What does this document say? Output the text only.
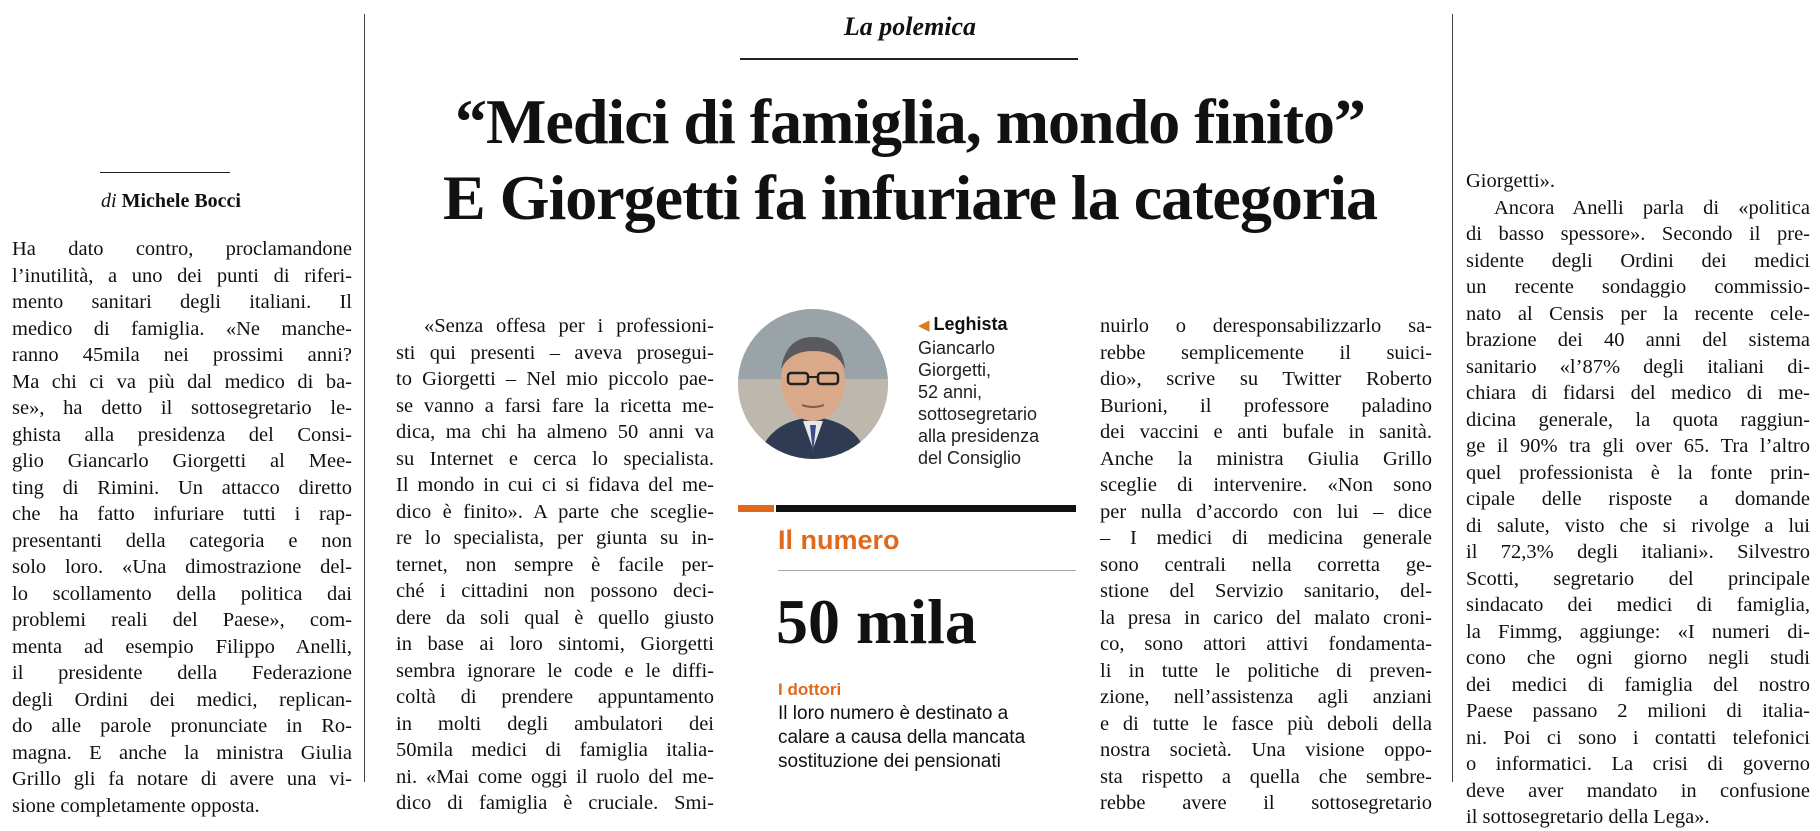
La polemica
“Medici di famiglia, mondo finito”
E Giorgetti fa infuriare la categoria
di Michele Bocci
Ha dato contro, proclamandone
l’inutilità, a uno dei punti di riferi-
mento sanitari degli italiani. Il
medico di famiglia. «Ne manche-
ranno 45mila nei prossimi anni?
Ma chi ci va più dal medico di ba-
se», ha detto il sottosegretario le-
ghista alla presidenza del Consi-
glio Giancarlo Giorgetti al Mee-
ting di Rimini. Un attacco diretto
che ha fatto infuriare tutti i rap-
presentanti della categoria e non
solo loro. «Una dimostrazione del-
lo scollamento della politica dai
problemi reali del Paese», com-
menta ad esempio Filippo Anelli,
il presidente della Federazione
degli Ordini dei medici, replican-
do alle parole pronunciate in Ro-
magna. E anche la ministra Giulia
Grillo gli fa notare di avere una vi-
sione completamente opposta.
«Senza offesa per i professioni-
sti qui presenti – aveva prosegui-
to Giorgetti – Nel mio piccolo pae-
se vanno a farsi fare la ricetta me-
dica, ma chi ha almeno 50 anni va
su Internet e cerca lo specialista.
Il mondo in cui ci si fidava del me-
dico è finito». A parte che sceglie-
re lo specialista, per giunta su in-
ternet, non sempre è facile per-
ché i cittadini non possono deci-
dere da soli qual è quello giusto
in base ai loro sintomi, Giorgetti
sembra ignorare le code e le diffi-
coltà di prendere appuntamento
in molti degli ambulatori dei
50mila medici di famiglia italia-
ni. «Mai come oggi il ruolo del me-
dico di famiglia è cruciale. Smi-
◀ Leghista
Giancarlo
Giorgetti,
52 anni,
sottosegretario
alla presidenza
del Consiglio
Il numero
50 mila
I dottori
Il loro numero è destinato a
calare a causa della mancata
sostituzione dei pensionati
nuirlo o deresponsabilizzarlo sa-
rebbe semplicemente il suici-
dio», scrive su Twitter Roberto
Burioni, il professore paladino
dei vaccini e anti bufale in sanità.
Anche la ministra Giulia Grillo
sceglie di intervenire. «Non sono
per nulla d’accordo con lui – dice
– I medici di medicina generale
sono centrali nella corretta ge-
stione del Servizio sanitario, del-
la presa in carico del malato croni-
co, sono attori attivi fondamenta-
li in tutte le politiche di preven-
zione, nell’assistenza agli anziani
e di tutte le fasce più deboli della
nostra società. Una visione oppo-
sta rispetto a quella che sembre-
rebbe avere il sottosegretario
Giorgetti».
Ancora Anelli parla di «politica
di basso spessore». Secondo il pre-
sidente degli Ordini dei medici
un recente sondaggio commissio-
nato al Censis per la recente cele-
brazione dei 40 anni del sistema
sanitario «l’87% degli italiani di-
chiara di fidarsi del medico di me-
dicina generale, la quota raggiun-
ge il 90% tra gli over 65. Tra l’altro
quel professionista è la fonte prin-
cipale delle risposte a domande
di salute, visto che si rivolge a lui
il 72,3% degli italiani». Silvestro
Scotti, segretario del principale
sindacato dei medici di famiglia,
la Fimmg, aggiunge: «I numeri di-
cono che ogni giorno negli studi
dei medici di famiglia del nostro
Paese passano 2 milioni di italia-
ni. Poi ci sono i contatti telefonici
o informatici. La crisi di governo
deve aver mandato in confusione
il sottosegretario della Lega».
